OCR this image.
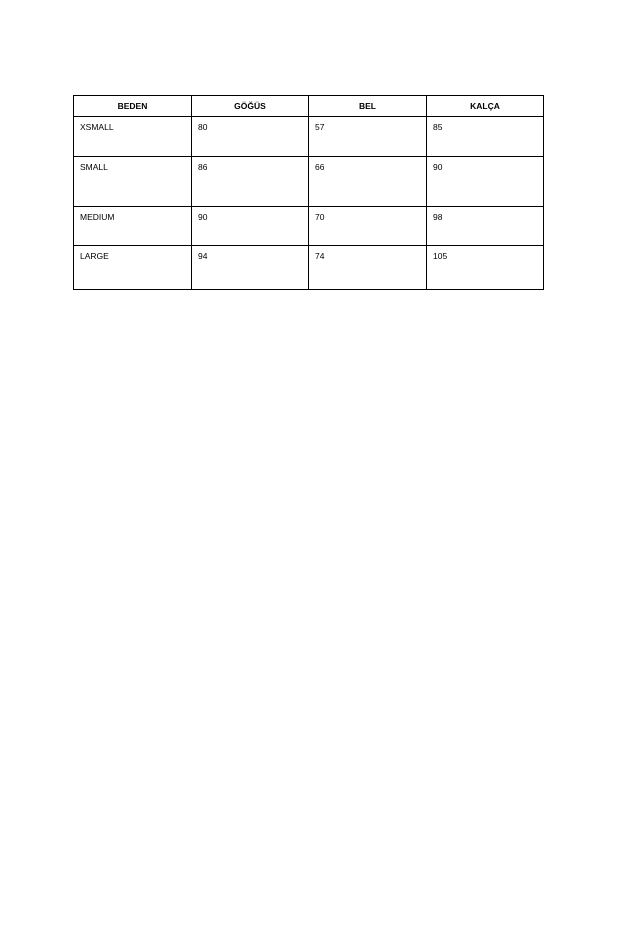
BEDEN	GÖĞÜS	BEL	KALÇA
XSMALL	80	57	85
SMALL	86	66	90
MEDIUM	90	70	98
LARGE	94	74	105
